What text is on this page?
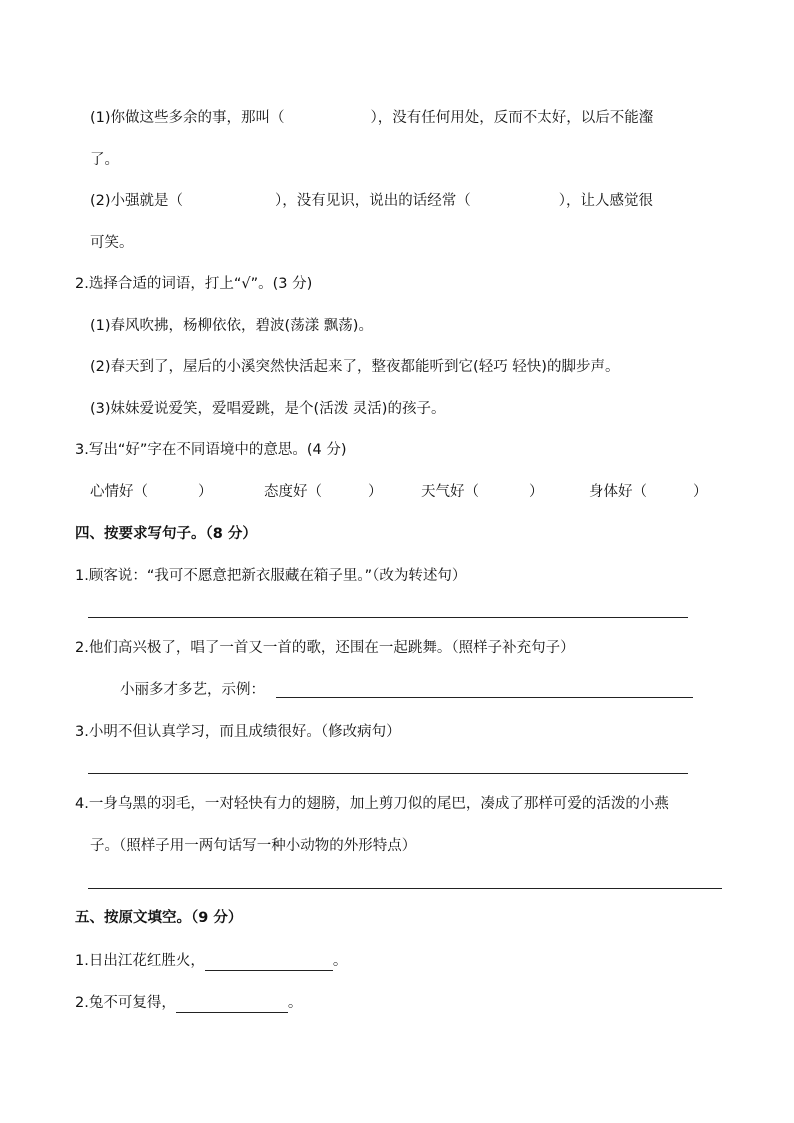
(1)你做这些多余的事，那叫（	），没有任何用处，反而不太好，以后不能瀣
了。
(2)小强就是（	），没有见识，说出的话经常（	），让人感觉很
可笑。
2.选择合适的词语，打上“√”。(3 分)
(1)春风吹拂，杨柳依依，碧波(荡漾 飘荡)。
(2)春天到了，屋后的小溪突然快活起来了，整夜都能听到它(轻巧 轻快)的脚步声。
(3)妹妹爱说爱笑，爱唱爱跳，是个(活泼 灵活)的孩子。
3.写出“好”字在不同语境中的意思。(4 分)
心情好（	）	态度好（	）	天气好（	）	身体好（	）
四、按要求写句子。（8 分）
1.顾客说：“我可不愿意把新衣服藏在箱子里。”（改为转述句）
2.他们高兴极了，唱了一首又一首的歌，还围在一起跳舞。（照样子补充句子）
小丽多才多艺，示例：
3.小明不但认真学习，而且成绩很好。（修改病句）
4.一身乌黑的羽毛，一对轻快有力的翅膀，加上剪刀似的尾巴，凑成了那样可爱的活泼的小燕
子。（照样子用一两句话写一种小动物的外形特点）
五、按原文填空。（9 分）
1.日出江花红胜火，	。
2.兔不可复得，	。
